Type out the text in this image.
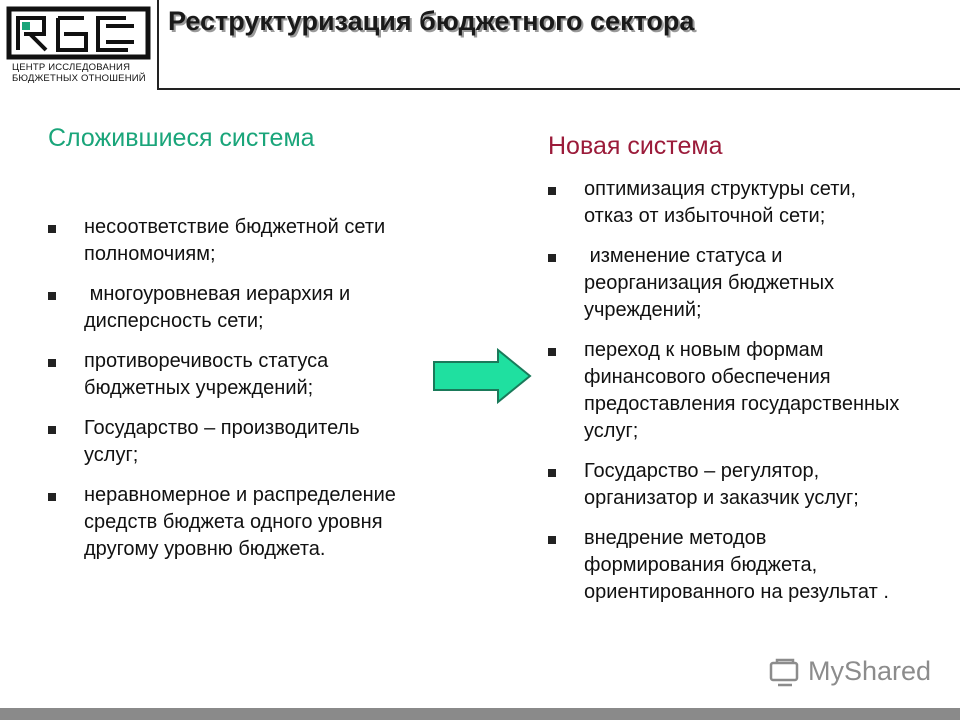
ЦЕНТР ИССЛЕДОВАНИЯ
БЮДЖЕТНЫХ ОТНОШЕНИЙ
Реструктуризация бюджетного сектора
Сложившиеся система
несоответствие бюджетной сети полномочиям;
многоуровневая иерархия и дисперсность сети;
противоречивость статуса бюджетных учреждений;
Государство – производитель услуг;
неравномерное и распределение средств бюджета одного уровня другому уровню бюджета.
Новая система
оптимизация структуры сети, отказ от избыточной сети;
изменение статуса и реорганизация бюджетных учреждений;
переход к новым формам финансового обеспечения предоставления государственных услуг;
Государство – регулятор, организатор и заказчик услуг;
внедрение методов формирования бюджета, ориентированного на результат .
MyShared
